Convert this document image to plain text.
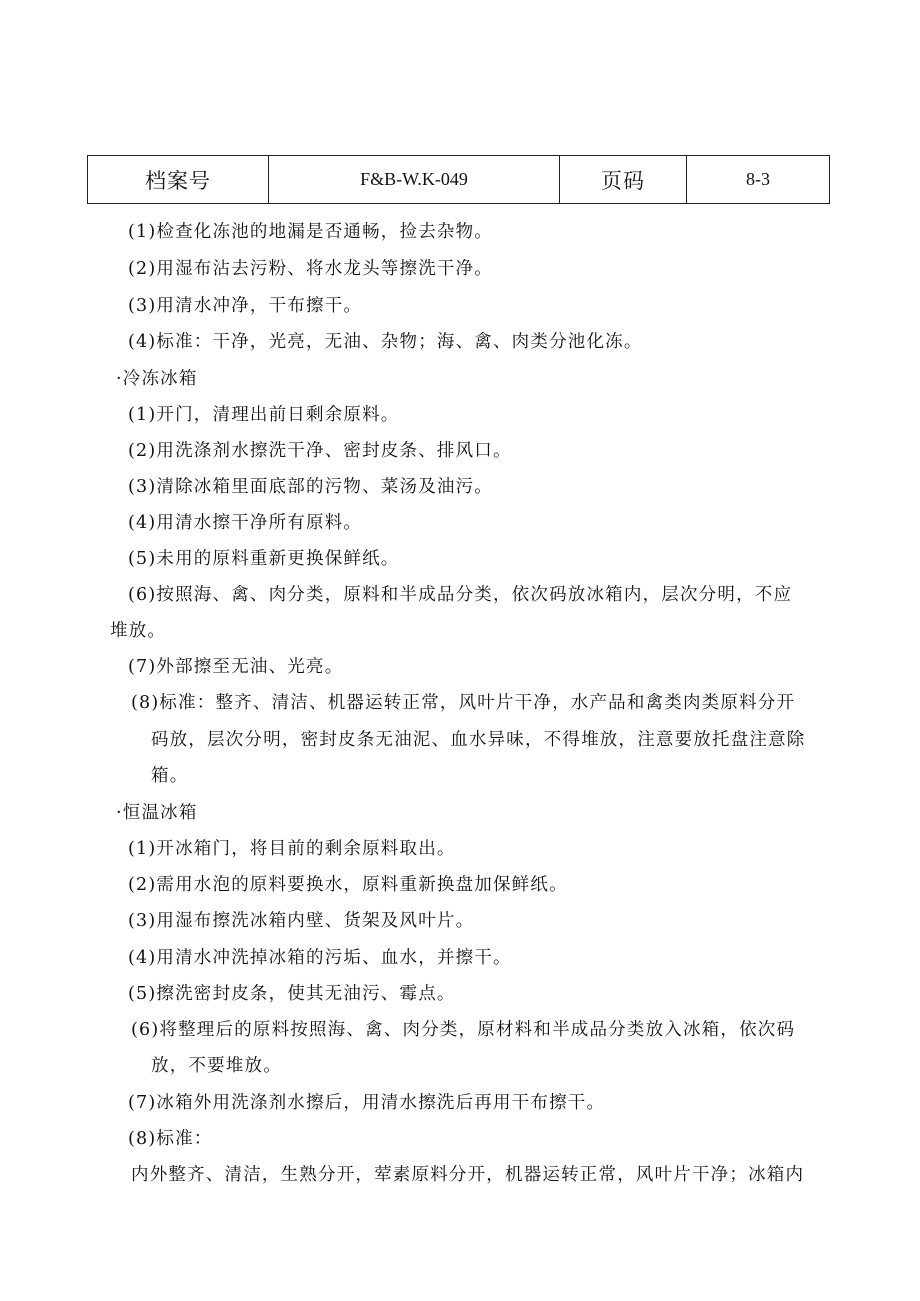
档案号	F&B-W.K-049	页码	8-3
(1)检查化冻池的地漏是否通畅，捡去杂物。
(2)用湿布沾去污粉、将水龙头等擦洗干净。
(3)用清水冲净，干布擦干。
(4)标准：干净，光亮，无油、杂物；海、禽、肉类分池化冻。
·冷冻冰箱
(1)开门，清理出前日剩余原料。
(2)用洗涤剂水擦洗干净、密封皮条、排风口。
(3)清除冰箱里面底部的污物、菜汤及油污。
(4)用清水擦干净所有原料。
(5)未用的原料重新更换保鲜纸。
(6)按照海、禽、肉分类，原料和半成品分类，依次码放冰箱内，层次分明，不应
堆放。
(7)外部擦至无油、光亮。
(8)标准：整齐、清洁、机器运转正常，风叶片干净，水产品和禽类肉类原料分开
码放，层次分明，密封皮条无油泥、血水异味，不得堆放，注意要放托盘注意除
箱。
·恒温冰箱
(1)开冰箱门，将目前的剩余原料取出。
(2)需用水泡的原料要换水，原料重新换盘加保鲜纸。
(3)用湿布擦洗冰箱内壁、货架及风叶片。
(4)用清水冲洗掉冰箱的污垢、血水，并擦干。
(5)擦洗密封皮条，使其无油污、霉点。
(6)将整理后的原料按照海、禽、肉分类，原材料和半成品分类放入冰箱，依次码
放，不要堆放。
(7)冰箱外用洗涤剂水擦后，用清水擦洗后再用干布擦干。
(8)标准：
内外整齐、清洁，生熟分开，荤素原料分开，机器运转正常，风叶片干净；冰箱内
